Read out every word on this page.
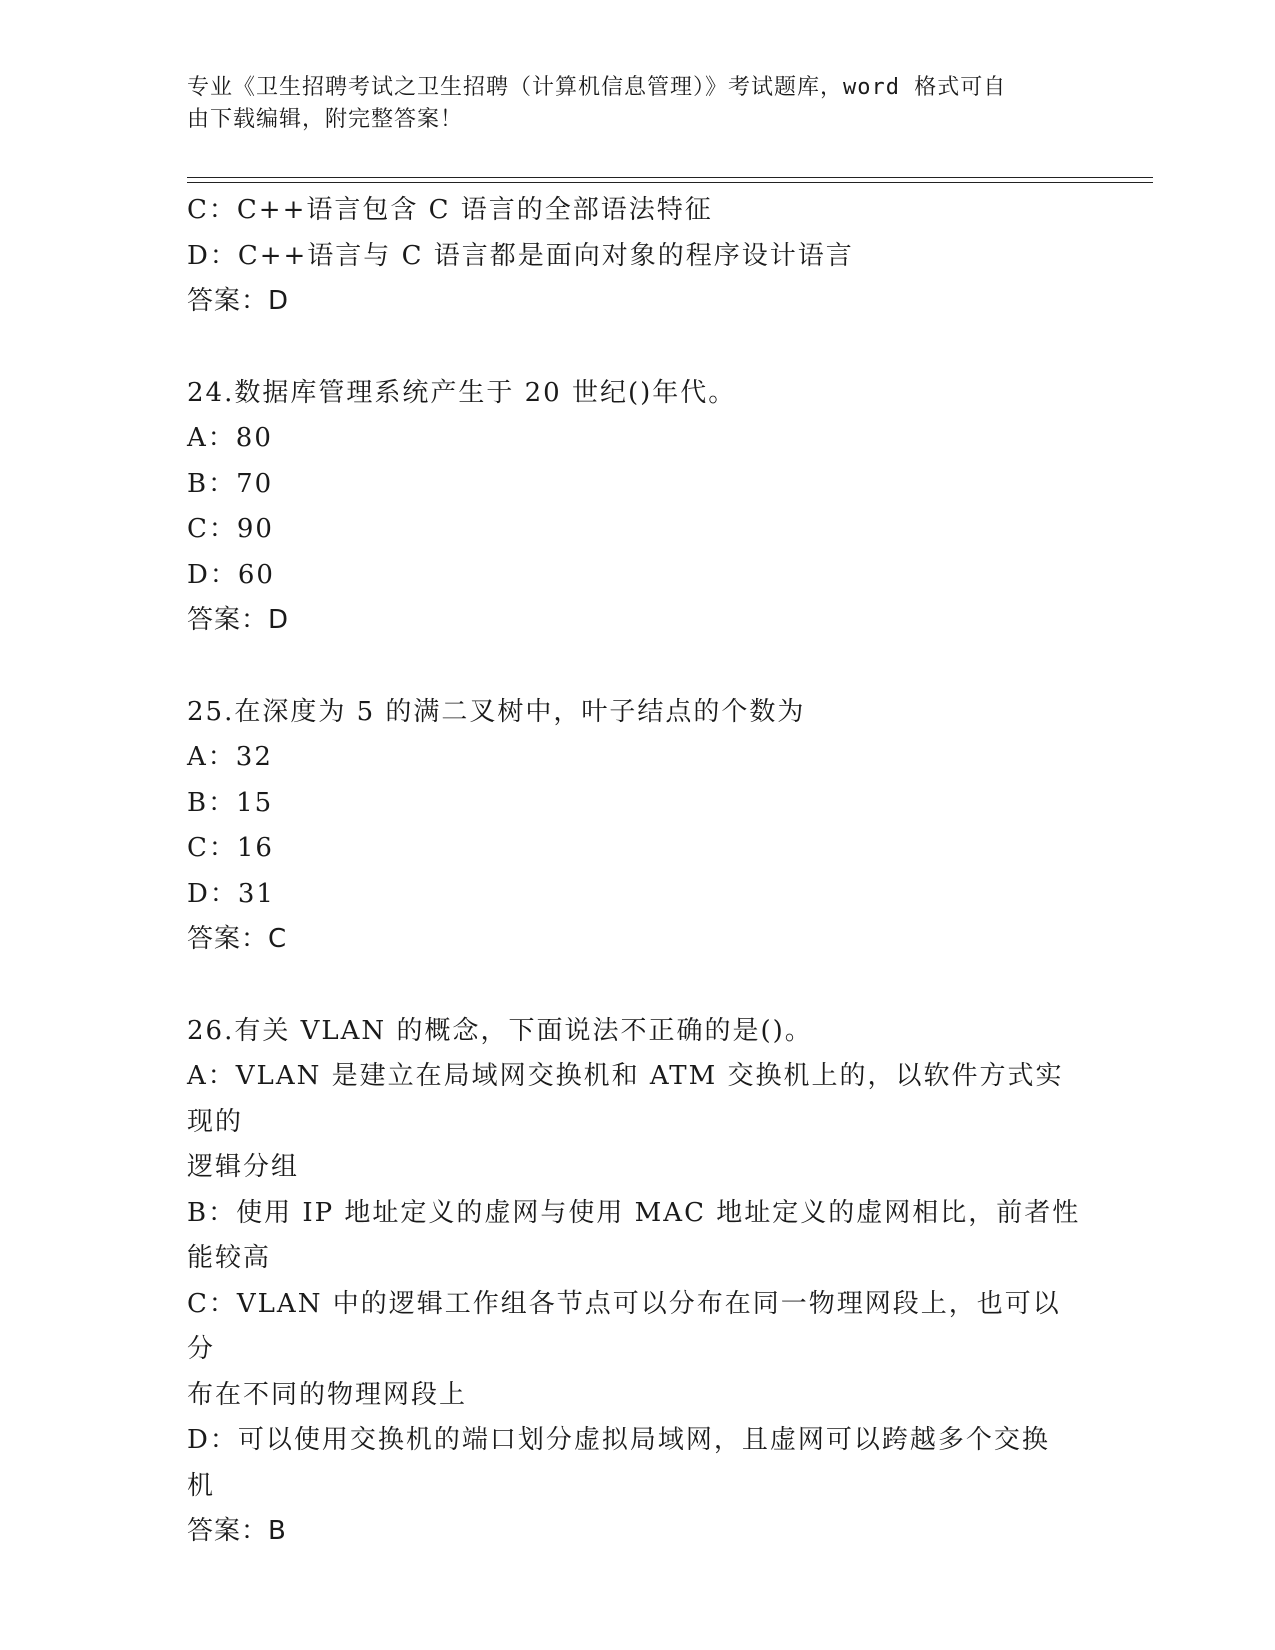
专业《卫生招聘考试之卫生招聘（计算机信息管理）》考试题库，word 格式可自
由下载编辑，附完整答案！

C：C++语言包含 C 语言的全部语法特征

D：C++语言与 C 语言都是面向对象的程序设计语言

答案：D

24.数据库管理系统产生于 20 世纪()年代。

A：80

B：70

C：90

D：60

答案：D

25.在深度为 5 的满二叉树中，叶子结点的个数为

A：32

B：15

C：16

D：31

答案：C

26.有关 VLAN 的概念，下面说法不正确的是()。

A：VLAN 是建立在局域网交换机和 ATM 交换机上的，以软件方式实现的

逻辑分组

B：使用 IP 地址定义的虚网与使用 MAC 地址定义的虚网相比，前者性

能较高

C：VLAN 中的逻辑工作组各节点可以分布在同一物理网段上，也可以分

布在不同的物理网段上

D：可以使用交换机的端口划分虚拟局域网，且虚网可以跨越多个交换

机

答案：B
